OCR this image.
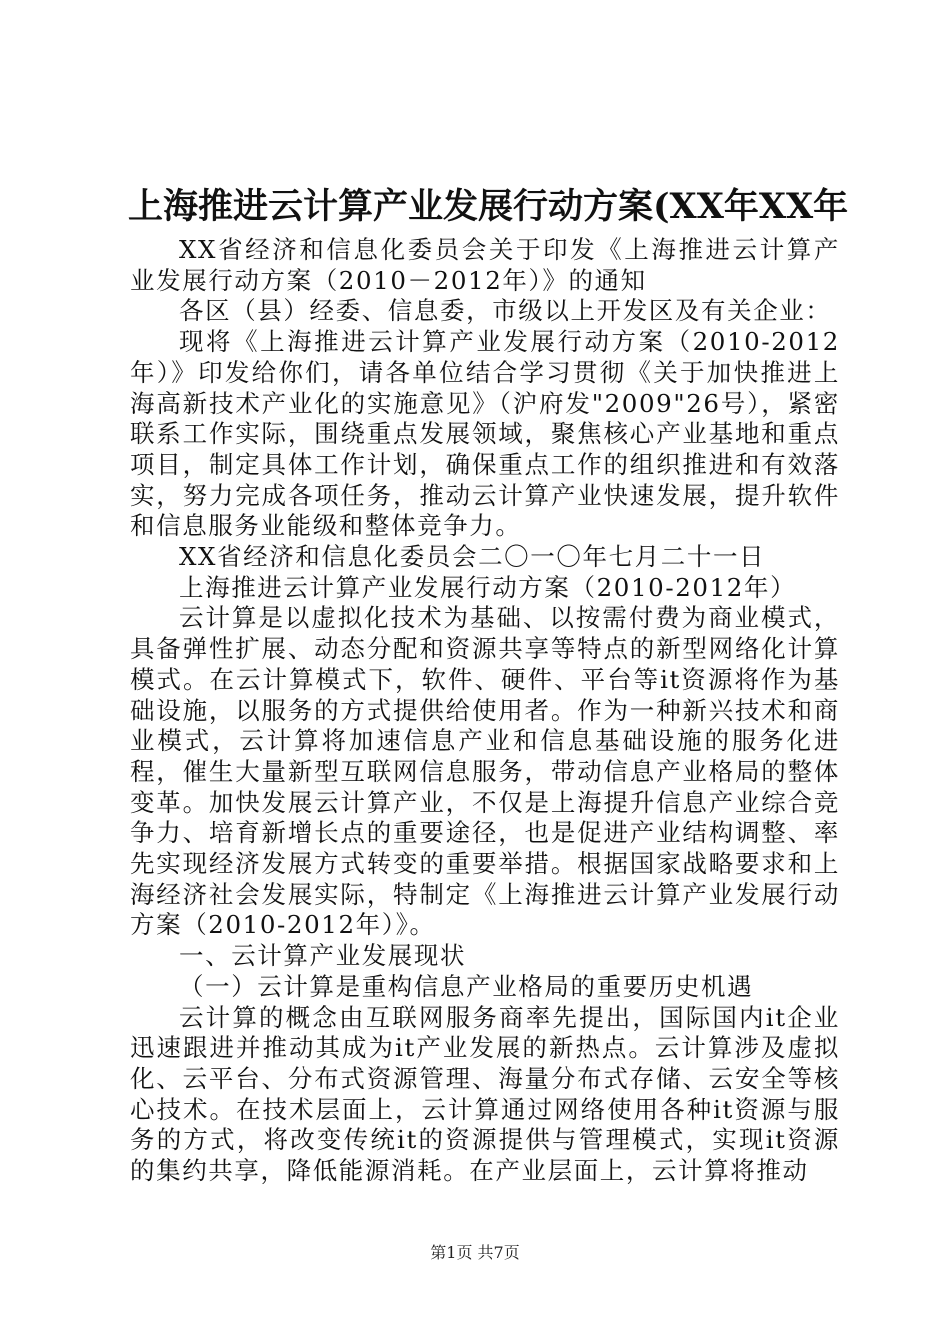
上海推进云计算产业发展行动方案(XX年XX年

XX省经济和信息化委员会关于印发《上海推进云计算产业发展行动方案（2010－2012年）》的通知

各区（县）经委、信息委，市级以上开发区及有关企业：

现将《上海推进云计算产业发展行动方案（2010-2012年）》印发给你们，请各单位结合学习贯彻《关于加快推进上海高新技术产业化的实施意见》（沪府发"2009"26号），紧密联系工作实际，围绕重点发展领域，聚焦核心产业基地和重点项目，制定具体工作计划，确保重点工作的组织推进和有效落实，努力完成各项任务，推动云计算产业快速发展，提升软件和信息服务业能级和整体竞争力。

XX省经济和信息化委员会二〇一〇年七月二十一日

上海推进云计算产业发展行动方案（2010-2012年）

云计算是以虚拟化技术为基础、以按需付费为商业模式，具备弹性扩展、动态分配和资源共享等特点的新型网络化计算模式。在云计算模式下，软件、硬件、平台等it资源将作为基础设施，以服务的方式提供给使用者。作为一种新兴技术和商业模式，云计算将加速信息产业和信息基础设施的服务化进程，催生大量新型互联网信息服务，带动信息产业格局的整体变革。加快发展云计算产业，不仅是上海提升信息产业综合竞争力、培育新增长点的重要途径，也是促进产业结构调整、率先实现经济发展方式转变的重要举措。根据国家战略要求和上海经济社会发展实际，特制定《上海推进云计算产业发展行动方案（2010-2012年）》。

一、云计算产业发展现状

（一）云计算是重构信息产业格局的重要历史机遇

云计算的概念由互联网服务商率先提出，国际国内it企业迅速跟进并推动其成为it产业发展的新热点。云计算涉及虚拟化、云平台、分布式资源管理、海量分布式存储、云安全等核心技术。在技术层面上，云计算通过网络使用各种it资源与服务的方式，将改变传统it的资源提供与管理模式，实现it资源的集约共享，降低能源消耗。在产业层面上，云计算将推动

第1页 共7页
